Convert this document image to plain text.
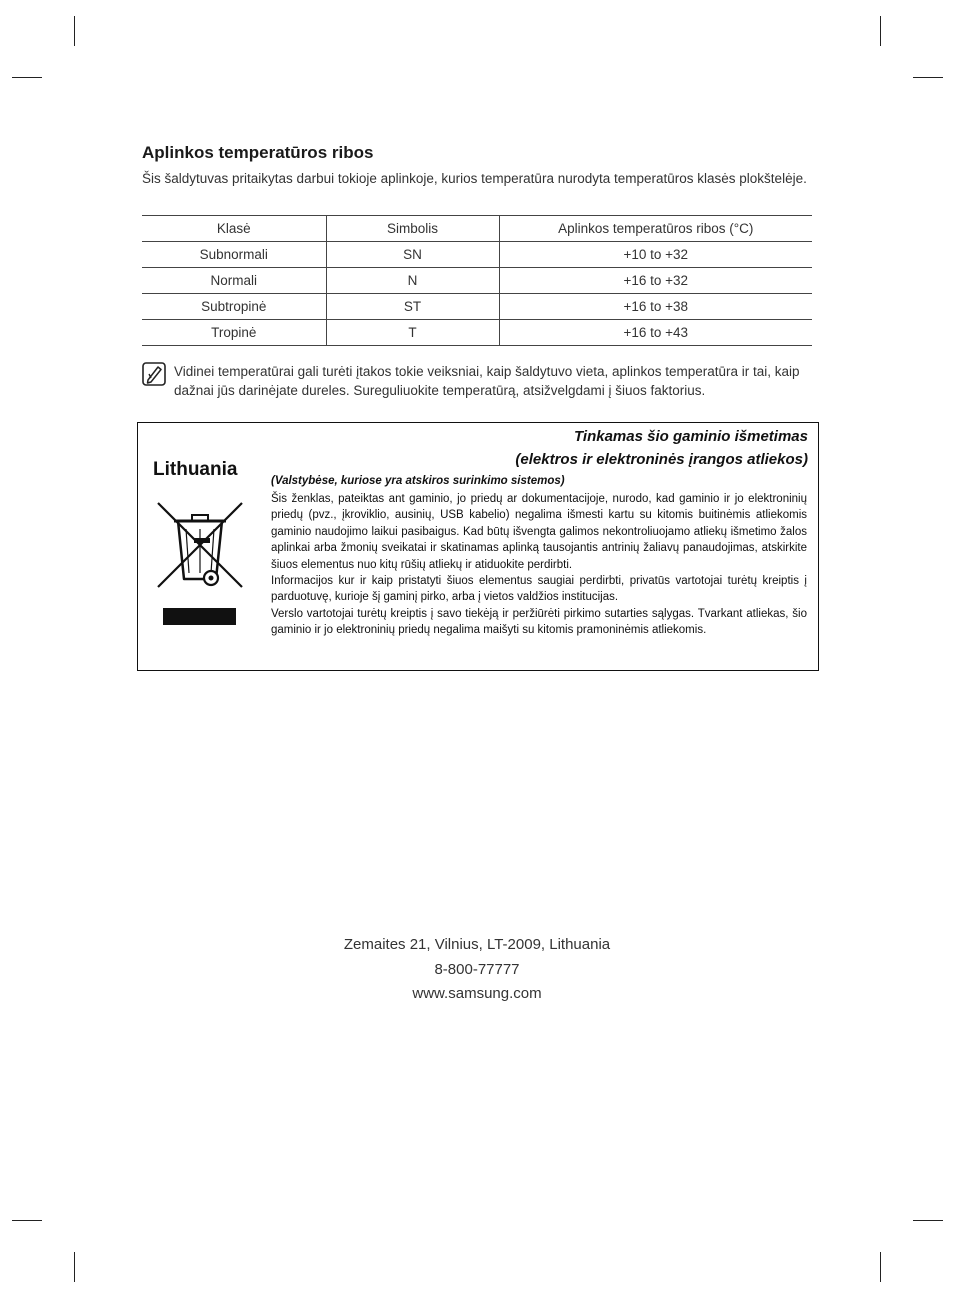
Aplinkos temperatūros ribos
Šis šaldytuvas pritaikytas darbui tokioje aplinkoje, kurios temperatūra nurodyta temperatūros klasės plokštelėje.
Klasė	Simbolis	Aplinkos temperatūros ribos (°C)
Subnormali	SN	+10 to +32
Normali	N	+16 to +32
Subtropinė	ST	+16 to +38
Tropinė	T	+16 to +43
Vidinei temperatūrai gali turėti įtakos tokie veiksniai, kaip šaldytuvo vieta, aplinkos temperatūra ir tai, kaip dažnai jūs darinėjate dureles. Sureguliuokite temperatūrą, atsižvelgdami į šiuos faktorius.
Lithuania
Tinkamas šio gaminio išmetimas
(elektros ir elektroninės įrangos atliekos)
(Valstybėse, kuriose yra atskiros surinkimo sistemos)

Šis ženklas, pateiktas ant gaminio, jo priedų ar dokumentacijoje, nurodo, kad gaminio ir jo elektroninių priedų (pvz., įkroviklio, ausinių, USB kabelio) negalima išmesti kartu su kitomis buitinėmis atliekomis gaminio naudojimo laikui pasibaigus. Kad būtų išvengta galimos nekontroliuojamo atliekų išmetimo žalos aplinkai arba žmonių sveikatai ir skatinamas aplinką tausojantis antrinių žaliavų panaudojimas, atskirkite šiuos elementus nuo kitų rūšių atliekų ir atiduokite perdirbti.

Informacijos kur ir kaip pristatyti šiuos elementus saugiai perdirbti, privatūs vartotojai turėtų kreiptis į parduotuvę, kurioje šį gaminį pirko, arba į vietos valdžios institucijas.

Verslo vartotojai turėtų kreiptis į savo tiekėją ir peržiūrėti pirkimo sutarties sąlygas. Tvarkant atliekas, šio gaminio ir jo elektroninių priedų negalima maišyti su kitomis pramoninėmis atliekomis.

Zemaites 21, Vilnius, LT-2009, Lithuania
8-800-77777
www.samsung.com
